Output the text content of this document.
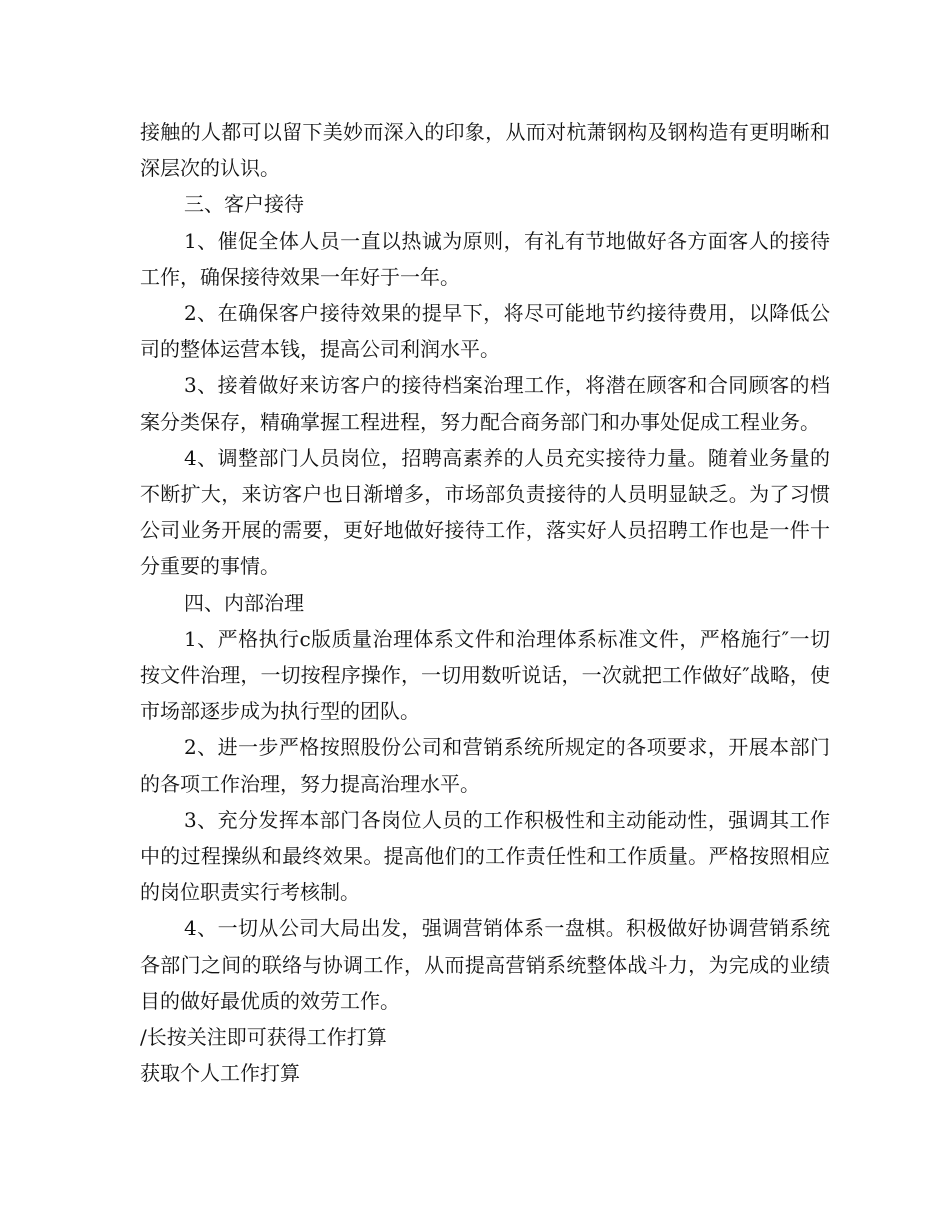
接触的人都可以留下美妙而深入的印象，从而对杭萧钢构及钢构造有更明晰和深层次的认识。

三、客户接待

1、催促全体人员一直以热诚为原则，有礼有节地做好各方面客人的接待工作，确保接待效果一年好于一年。

2、在确保客户接待效果的提早下，将尽可能地节约接待费用，以降低公司的整体运营本钱，提高公司利润水平。

3、接着做好来访客户的接待档案治理工作，将潜在顾客和合同顾客的档案分类保存，精确掌握工程进程，努力配合商务部门和办事处促成工程业务。

4、调整部门人员岗位，招聘高素养的人员充实接待力量。随着业务量的不断扩大，来访客户也日渐增多，市场部负责接待的人员明显缺乏。为了习惯公司业务开展的需要，更好地做好接待工作，落实好人员招聘工作也是一件十分重要的事情。

四、内部治理

1、严格执行c版质量治理体系文件和治理体系标准文件，严格施行″一切按文件治理，一切按程序操作，一切用数听说话，一次就把工作做好″战略，使市场部逐步成为执行型的团队。

2、进一步严格按照股份公司和营销系统所规定的各项要求，开展本部门的各项工作治理，努力提高治理水平。

3、充分发挥本部门各岗位人员的工作积极性和主动能动性，强调其工作中的过程操纵和最终效果。提高他们的工作责任性和工作质量。严格按照相应的岗位职责实行考核制。

4、一切从公司大局出发，强调营销体系一盘棋。积极做好协调营销系统各部门之间的联络与协调工作，从而提高营销系统整体战斗力，为完成的业绩目的做好最优质的效劳工作。

/长按关注即可获得工作打算

获取个人工作打算
